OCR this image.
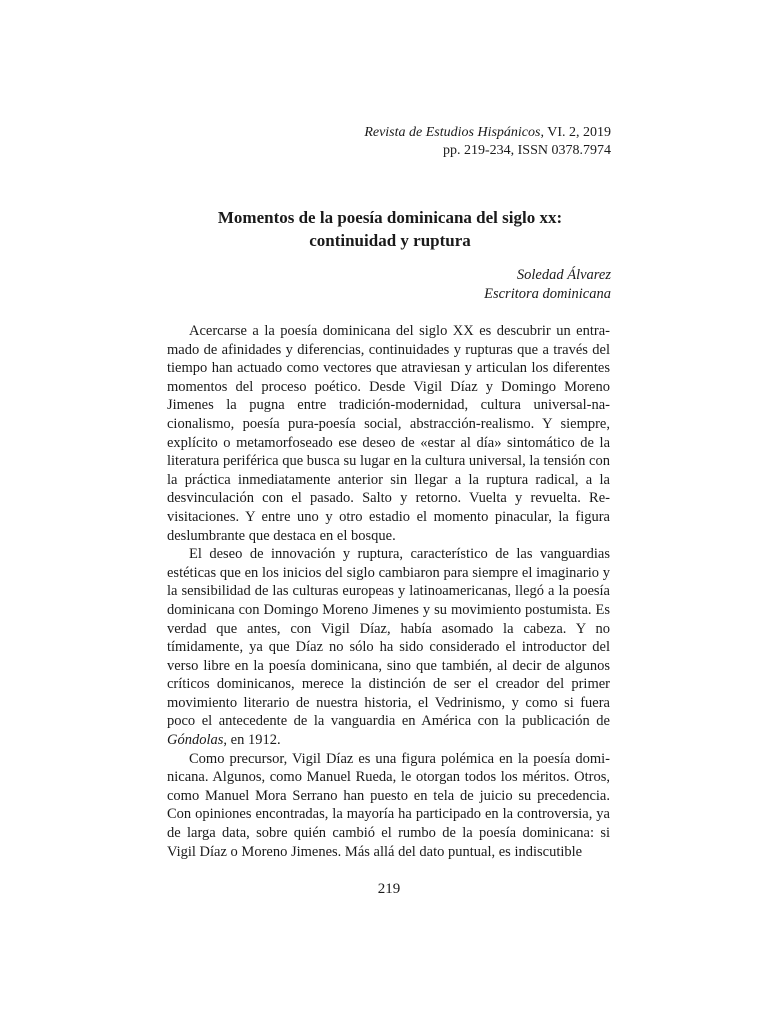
Revista de Estudios Hispánicos, VI. 2, 2019
pp. 219-234, ISSN 0378.7974
Momentos de la poesía dominicana del siglo xx:
continuidad y ruptura
Soledad Álvarez
Escritora dominicana

Acercarse a la poesía dominicana del siglo XX es descubrir un entramado de afinidades y diferencias, continuidades y rupturas que a través del tiempo han actuado como vectores que atraviesan y articulan los diferentes momentos del proceso poético. Desde Vigil Díaz y Domingo Moreno Jimenes la pugna entre tradición-modernidad, cultura universal-nacionalismo, poesía pura-poesía social, abstracción-realismo. Y siempre, explícito o metamorfoseado ese deseo de «estar al día» sintomático de la literatura periférica que busca su lugar en la cultura universal, la tensión con la práctica inmediatamente anterior sin llegar a la ruptura radical, a la desvinculación con el pasado. Salto y retorno. Vuelta y revuelta. Revisitaciones. Y entre uno y otro estadio el momento pinacular, la figura deslumbrante que destaca en el bosque.

El deseo de innovación y ruptura, característico de las vanguardias estéticas que en los inicios del siglo cambiaron para siempre el imaginario y la sensibilidad de las culturas europeas y latinoamericanas, llegó a la poesía dominicana con Domingo Moreno Jimenes y su movimiento postumista. Es verdad que antes, con Vigil Díaz, había asomado la cabeza. Y no tímidamente, ya que Díaz no sólo ha sido considerado el introductor del verso libre en la poesía dominicana, sino que también, al decir de algunos críticos dominicanos, merece la distinción de ser el creador del primer movimiento literario de nuestra historia, el Vedrinismo, y como si fuera poco el antecedente de la vanguardia en América con la publicación de Góndolas, en 1912.

Como precursor, Vigil Díaz es una figura polémica en la poesía dominicana. Algunos, como Manuel Rueda, le otorgan todos los méritos. Otros, como Manuel Mora Serrano han puesto en tela de juicio su precedencia. Con opiniones encontradas, la mayoría ha participado en la controversia, ya de larga data, sobre quién cambió el rumbo de la poesía dominicana: si Vigil Díaz o Moreno Jimenes. Más allá del dato puntual, es indiscutible

219
